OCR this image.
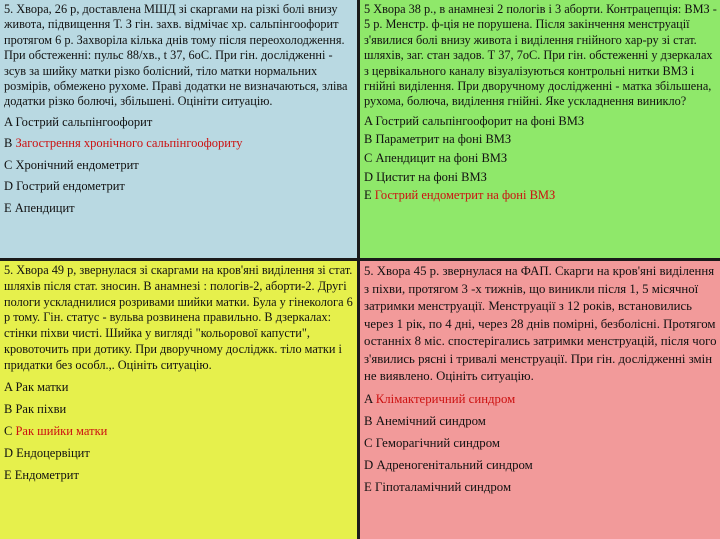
5. Хвора, 26 р, доставлена МШД зі скаргами на різкі болі внизу живота, підвищення Т. З гін. захв. відмічає хр. сальпінгоофорит протягом 6 р. Захворіла кілька днів тому після переохолодження. При обстеженні: пульс 88/хв., t 37, 6оС. При гін. дослідженні - зсув за шийку матки різко болісний, тіло матки нормальних розмірів, обмежено рухоме. Праві додатки не визначаються, зліва додатки різко болючі, збільшені. Оцініти ситуацію.

A Гострий сальпінгоофорит

B Загострення хронічного сальпінгоофориту

C Хронічний ендометрит

D Гострий ендометрит

E Апендицит

5 Хвора 38 р., в анамнезі 2 пологів і 3 аборти. Контрацепція: ВМЗ - 5 р. Менстр. ф-ція не порушена. Після закінчення менструації з'явилися болі внизу живота і виділення гнійного хар-ру зі стат. шляхів, заг. стан задов. Т 37, 7оС. При гін. обстеженні у дзеркалах з цервікального каналу візуалізуються контрольні нитки ВМЗ і гнійні виділення. При дворучному дослідженні - матка збільшена, рухома, болюча, виділення гнійні. Яке ускладнення виникло?

A Гострий сальпінгоофорит на фоні ВМЗ

B Параметрит на фоні ВМЗ

C Апендицит на фоні ВМЗ

D Цистит на фоні ВМЗ

E Гострий ендометрит на фоні ВМЗ

5. Хвора 49 р, звернулася зі скаргами на кров'яні виділення зі стат. шляхів після стат. зносин. В анамнезі : пологів-2, аборти-2. Другі пологи ускладнилися розривами шийки матки. Була у гінеколога 6 р тому. Гін. статус - вульва розвинена правильно. В дзеркалах: стінки піхви чисті. Шийка у вигляді "кольорової капусти", кровоточить при дотику. При дворучному досліджк. тіло матки і придатки без особл.,. Оцініть ситуацію.

A Рак матки

B Рак піхви

C Рак шийки матки

D Ендоцервіцит

E Ендометрит

5. Хвора 45 р. звернулася на ФАП. Скарги на кров'яні виділення з піхви, протягом 3 -х тижнів, що виникли після 1, 5 місячної затримки менструації. Менструації з 12 років, встановились через 1 рік, по 4 дні, через 28 днів помірні, безболісні. Протягом останніх 8 міс. спостерігались затримки менструацій, після чого з'явились рясні і тривалі менструації. При гін. дослідженні змін не виявлено. Оцініть ситуацію.

A Клімактеричний синдром

B Анемічний синдром

C Геморагічний синдром

D Адреногенітальний синдром

E Гіпоталамічний синдром
